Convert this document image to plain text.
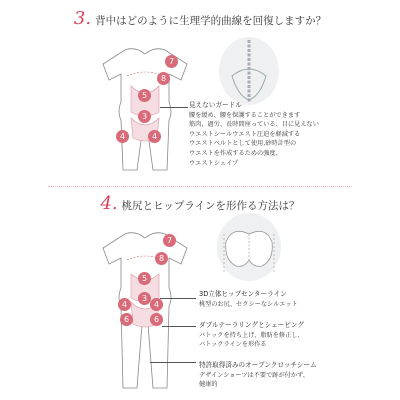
3. 背中はどのように生理学的曲線を回復しますか？
7
8
5
3
4	4
見えないガードル
腰を緩め、腰を保護することができます
筋肉、過労、長時間座っている、目に見えない
ウエストシールウエスト圧迫を軽減する
ウエストベルトとして使用,砂時計型の
ウエストを作成するための強度、
ウエストシェイプ
4. 桃尻とヒップラインを形作る方法は？
7
8
5
3
4	4
6	6
3D立体ヒップセンターライン
桃型のお尻、セクシーなシルエット
ダブルテーラリングとシェービング
バトックを持ち上げ、脂肪を修正し、
バトックラインを形作る
特許取得済みのオープンクロッチシーム
デザインショーツは不要で跡が付かず、
健康的
